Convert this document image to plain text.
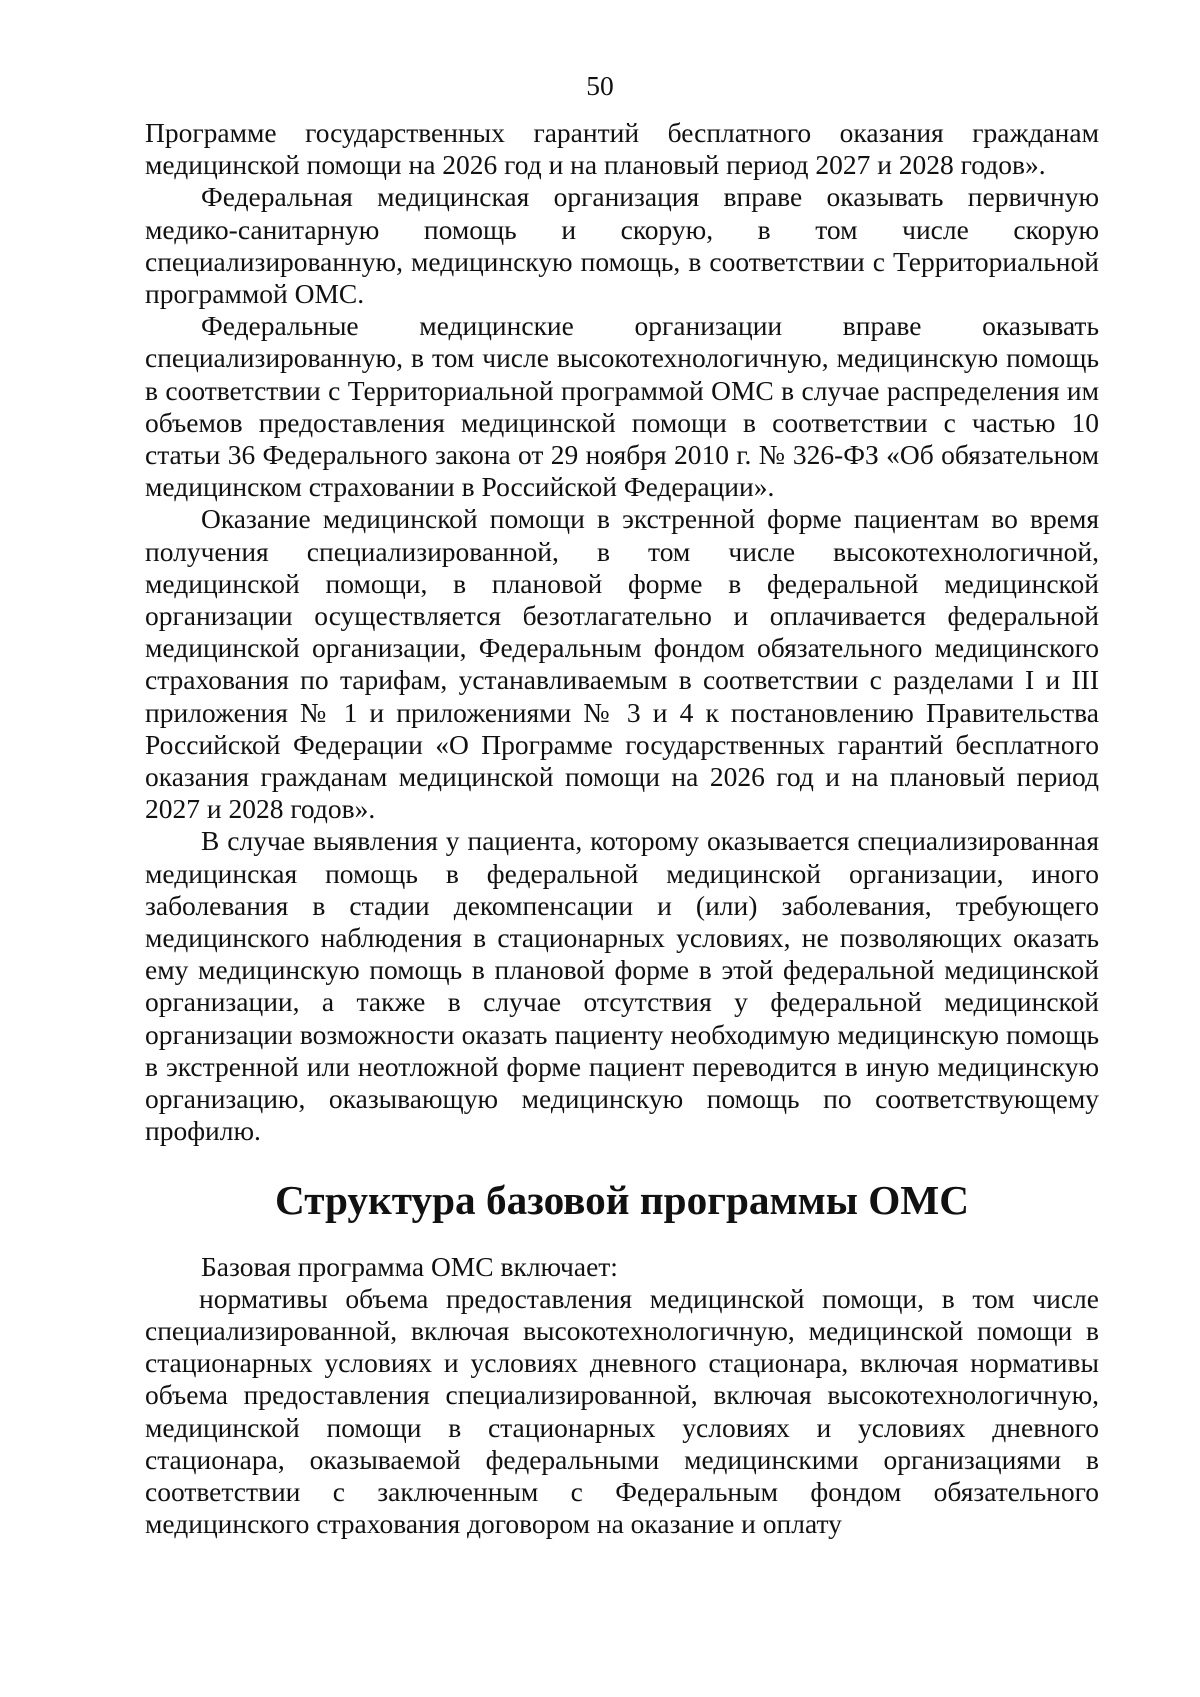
50

Программе государственных гарантий бесплатного оказания гражданам медицинской помощи на 2026 год и на плановый период 2027 и 2028 годов».

Федеральная медицинская организация вправе оказывать первичную медико-санитарную помощь и скорую, в том числе скорую специализированную, медицинскую помощь, в соответствии с Территориальной программой ОМС.

Федеральные медицинские организации вправе оказывать специализированную, в том числе высокотехнологичную, медицинскую помощь в соответствии с Территориальной программой ОМС в случае распределения им объемов предоставления медицинской помощи в соответствии с частью 10 статьи 36 Федерального закона от 29 ноября 2010 г. № 326-ФЗ «Об обязательном медицинском страховании в Российской Федерации».

Оказание медицинской помощи в экстренной форме пациентам во время получения специализированной, в том числе высокотехнологичной, медицинской помощи, в плановой форме в федеральной медицинской организации осуществляется безотлагательно и оплачивается федеральной медицинской организации, Федеральным фондом обязательного медицинского страхования по тарифам, устанавливаемым в соответствии с разделами I и III приложения № 1 и приложениями № 3 и 4 к постановлению Правительства Российской Федерации «О Программе государственных гарантий бесплатного оказания гражданам медицинской помощи на 2026 год и на плановый период 2027 и 2028 годов».

В случае выявления у пациента, которому оказывается специализированная медицинская помощь в федеральной медицинской организации, иного заболевания в стадии декомпенсации и (или) заболевания, требующего медицинского наблюдения в стационарных условиях, не позволяющих оказать ему медицинскую помощь в плановой форме в этой федеральной медицинской организации, а также в случае отсутствия у федеральной медицинской организации возможности оказать пациенту необходимую медицинскую помощь в экстренной или неотложной форме пациент переводится в иную медицинскую организацию, оказывающую медицинскую помощь по соответствующему профилю.

Структура базовой программы ОМС

Базовая программа ОМС включает:

нормативы объема предоставления медицинской помощи, в том числе специализированной, включая высокотехнологичную, медицинской помощи в стационарных условиях и условиях дневного стационара, включая нормативы объема предоставления специализированной, включая высокотехнологичную, медицинской помощи в стационарных условиях и условиях дневного стационара, оказываемой федеральными медицинскими организациями в соответствии с заключенным с Федеральным фондом обязательного медицинского страхования договором на оказание и оплату
